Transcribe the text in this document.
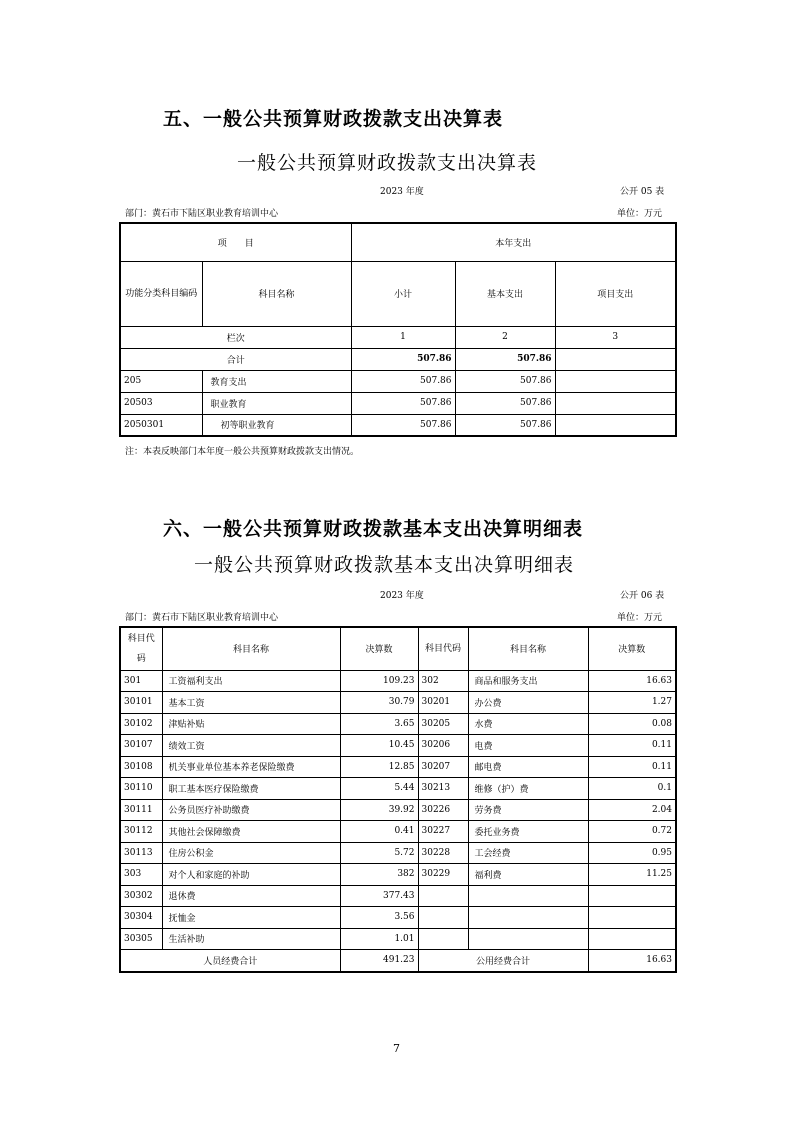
五、一般公共预算财政拨款支出决算表
一般公共预算财政拨款支出决算表
2023 年度	公开 05 表
部门：黄石市下陆区职业教育培训中心	单位：万元
项　　目		本年支出		
功能分类科目编码	科目名称	小计	基本支出	项目支出
栏次		1	2	3
合计		507.86	507.86	
205	教育支出	507.86	507.86	
20503	职业教育	507.86	507.86	
2050301	初等职业教育	507.86	507.86	
注：本表反映部门本年度一般公共预算财政拨款支出情况。
六、一般公共预算财政拨款基本支出决算明细表
一般公共预算财政拨款基本支出决算明细表
2023 年度	公开 06 表
部门：黄石市下陆区职业教育培训中心	单位：万元
科目代码	科目名称	决算数	科目代码	科目名称	决算数
301	工资福利支出	109.23	302	商品和服务支出	16.63
30101	基本工资	30.79	30201	办公费	1.27
30102	津贴补贴	3.65	30205	水费	0.08
30107	绩效工资	10.45	30206	电费	0.11
30108	机关事业单位基本养老保险缴费	12.85	30207	邮电费	0.11
30110	职工基本医疗保险缴费	5.44	30213	维修（护）费	0.1
30111	公务员医疗补助缴费	39.92	30226	劳务费	2.04
30112	其他社会保障缴费	0.41	30227	委托业务费	0.72
30113	住房公积金	5.72	30228	工会经费	0.95
303	对个人和家庭的补助	382	30229	福利费	11.25
30302	退休费	377.43			
30304	抚恤金	3.56			
30305	生活补助	1.01			
人员经费合计		491.23	公用经费合计		16.63
7
